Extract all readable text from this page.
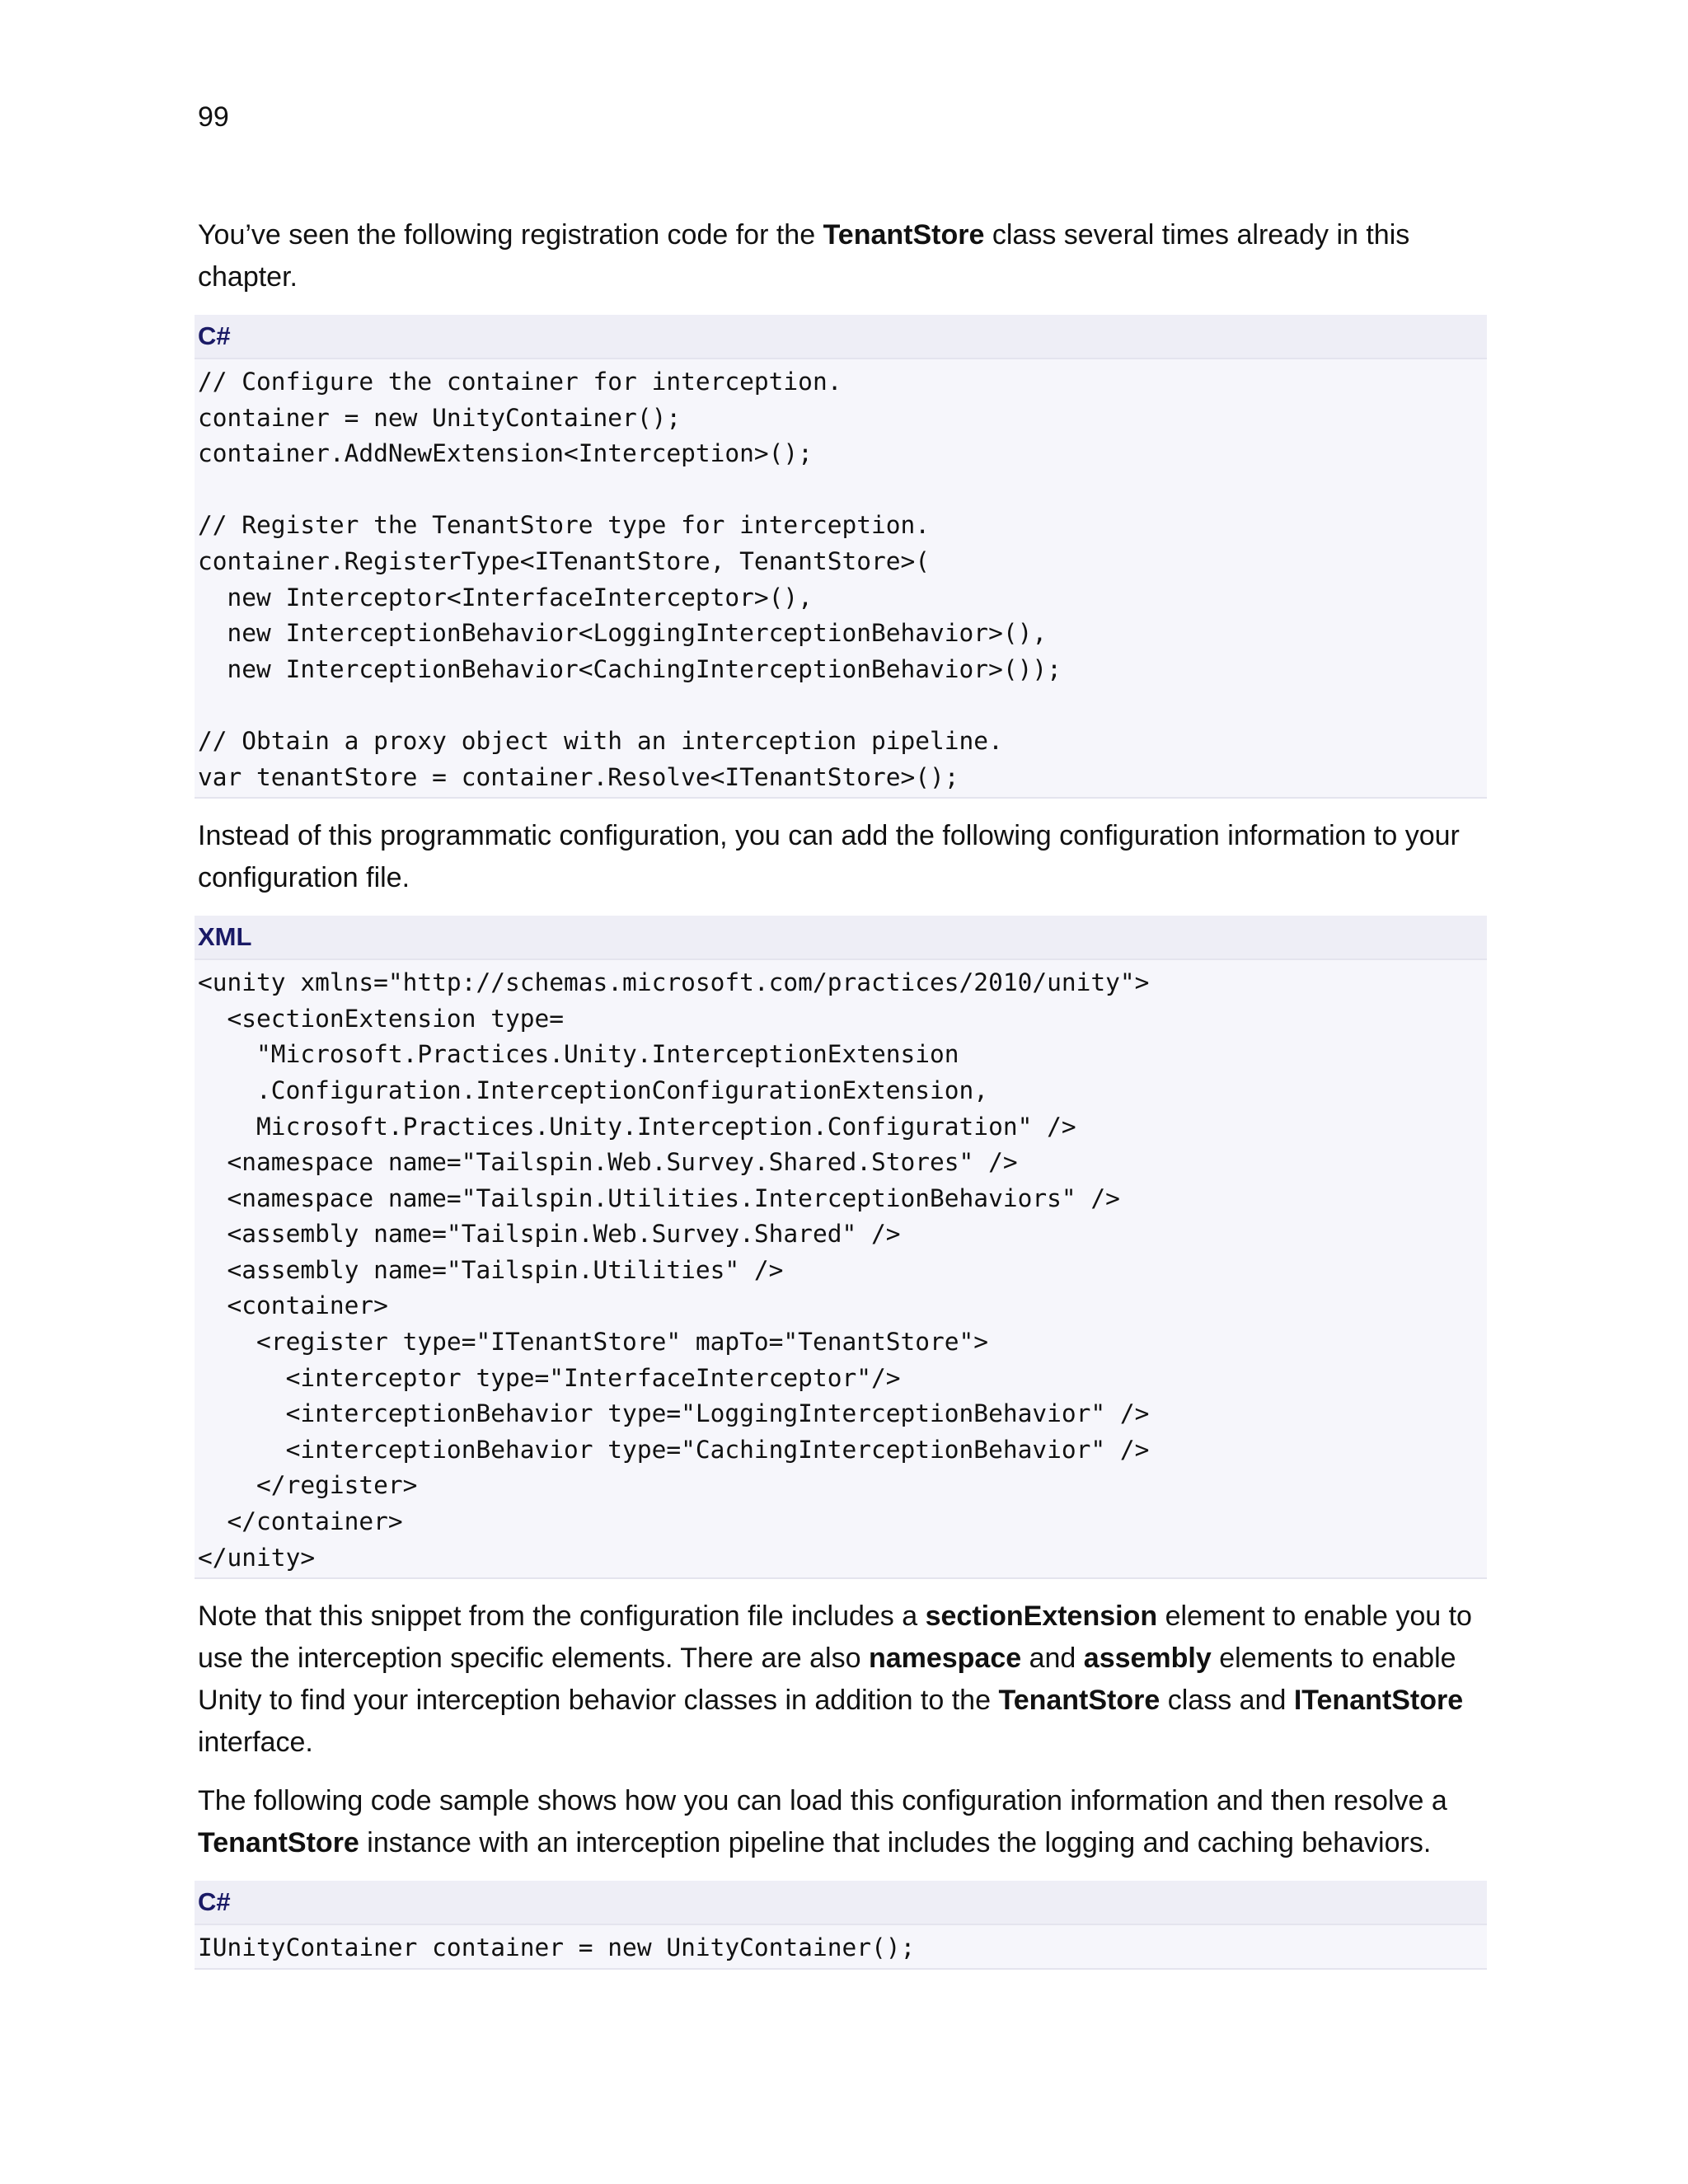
99

You’ve seen the following registration code for the TenantStore class several times already in this chapter.

C#
// Configure the container for interception.
container = new UnityContainer();
container.AddNewExtension<Interception>();
// Register the TenantStore type for interception.
container.RegisterType<ITenantStore, TenantStore>(
new Interceptor<InterfaceInterceptor>(),
new InterceptionBehavior<LoggingInterceptionBehavior>(),
new InterceptionBehavior<CachingInterceptionBehavior>());
// Obtain a proxy object with an interception pipeline.
var tenantStore = container.Resolve<ITenantStore>();

Instead of this programmatic configuration, you can add the following configuration information to your configuration file.

XML
<unity xmlns="http://schemas.microsoft.com/practices/2010/unity">
<sectionExtension type=
"Microsoft.Practices.Unity.InterceptionExtension
.Configuration.InterceptionConfigurationExtension,
Microsoft.Practices.Unity.Interception.Configuration" />
<namespace name="Tailspin.Web.Survey.Shared.Stores" />
<namespace name="Tailspin.Utilities.InterceptionBehaviors" />
<assembly name="Tailspin.Web.Survey.Shared" />
<assembly name="Tailspin.Utilities" />
<container>
<register type="ITenantStore" mapTo="TenantStore">
<interceptor type="InterfaceInterceptor"/>
<interceptionBehavior type="LoggingInterceptionBehavior" />
<interceptionBehavior type="CachingInterceptionBehavior" />
</register>
</container>
</unity>

Note that this snippet from the configuration file includes a sectionExtension element to enable you to use the interception specific elements. There are also namespace and assembly elements to enable Unity to find your interception behavior classes in addition to the TenantStore class and ITenantStore interface.

The following code sample shows how you can load this configuration information and then resolve a TenantStore instance with an interception pipeline that includes the logging and caching behaviors.

C#
IUnityContainer container = new UnityContainer();
